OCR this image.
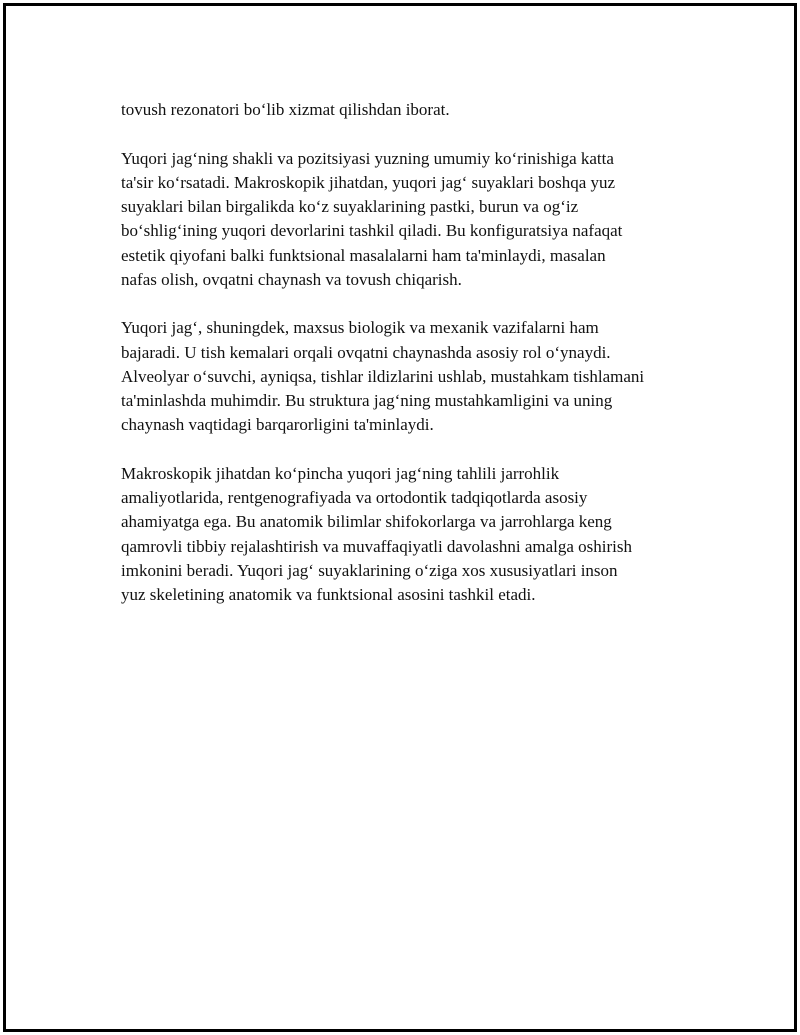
tovush rezonatori bo‘lib xizmat qilishdan iborat.

Yuqori jag‘ning shakli va pozitsiyasi yuzning umumiy ko‘rinishiga katta
ta'sir ko‘rsatadi. Makroskopik jihatdan, yuqori jag‘ suyaklari boshqa yuz
suyaklari bilan birgalikda ko‘z suyaklarining pastki, burun va og‘iz
bo‘shlig‘ining yuqori devorlarini tashkil qiladi. Bu konfiguratsiya nafaqat
estetik qiyofani balki funktsional masalalarni ham ta'minlaydi, masalan
nafas olish, ovqatni chaynash va tovush chiqarish.

Yuqori jag‘, shuningdek, maxsus biologik va mexanik vazifalarni ham
bajaradi. U tish kemalari orqali ovqatni chaynashda asosiy rol o‘ynaydi.
Alveolyar o‘suvchi, ayniqsa, tishlar ildizlarini ushlab, mustahkam tishlamani
ta'minlashda muhimdir. Bu struktura jag‘ning mustahkamligini va uning
chaynash vaqtidagi barqarorligini ta'minlaydi.

Makroskopik jihatdan ko‘pincha yuqori jag‘ning tahlili jarrohlik
amaliyotlarida, rentgenografiyada va ortodontik tadqiqotlarda asosiy
ahamiyatga ega. Bu anatomik bilimlar shifokorlarga va jarrohlarga keng
qamrovli tibbiy rejalashtirish va muvaffaqiyatli davolashni amalga oshirish
imkonini beradi. Yuqori jag‘ suyaklarining o‘ziga xos xususiyatlari inson
yuz skeletining anatomik va funktsional asosini tashkil etadi.
